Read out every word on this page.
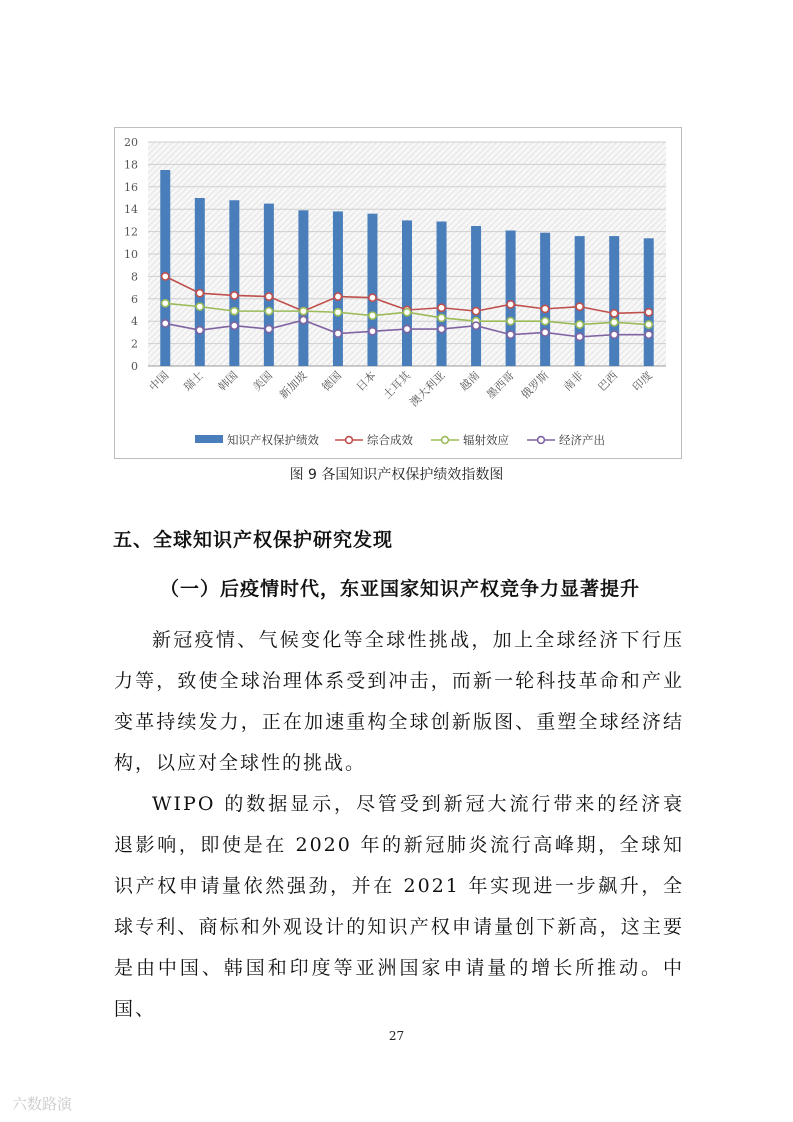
0
2
4
6
8
10
12
14
16
18
20
中国 瑞士 韩国 美国 新加坡 德国 日本 土耳其
澳大利亚 越南 墨西哥 俄罗斯 南非 巴西 印度
知识产权保护绩效	综合成效	辐射效应	经济产出
图 9 各国知识产权保护绩效指数图
五、全球知识产权保护研究发现
（一）后疫情时代，东亚国家知识产权竞争力显著提升

新冠疫情、气候变化等全球性挑战，加上全球经济下行压力等，致使全球治理体系受到冲击，而新一轮科技革命和产业变革持续发力，正在加速重构全球创新版图、重塑全球经济结构，以应对全球性的挑战。

WIPO 的数据显示，尽管受到新冠大流行带来的经济衰退影响，即使是在 2020 年的新冠肺炎流行高峰期，全球知识产权申请量依然强劲，并在 2021 年实现进一步飙升，全球专利、商标和外观设计的知识产权申请量创下新高，这主要是由中国、韩国和印度等亚洲国家申请量的增长所推动。中国、

27
六数路演
